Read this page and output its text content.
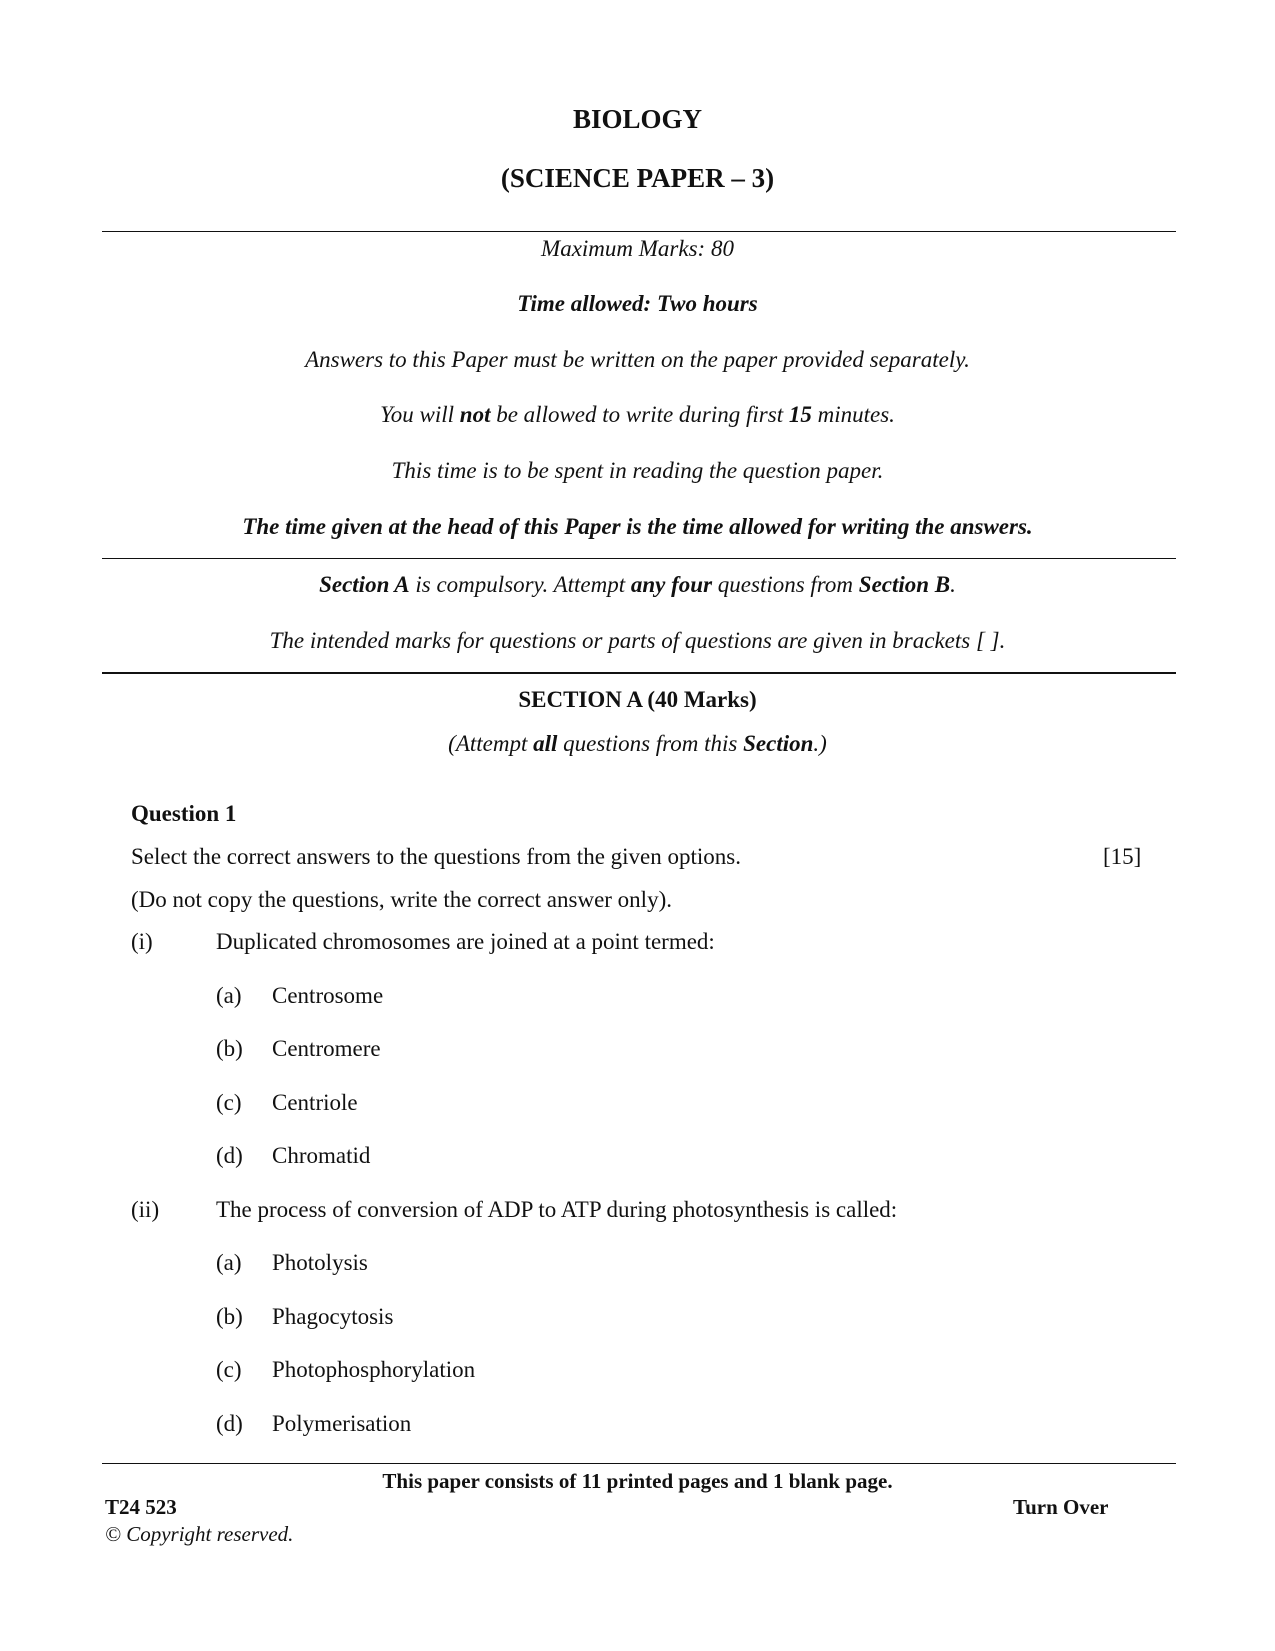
BIOLOGY
(SCIENCE PAPER – 3)
Maximum Marks: 80
Time allowed: Two hours
Answers to this Paper must be written on the paper provided separately.
You will not be allowed to write during first 15 minutes.
This time is to be spent in reading the question paper.
The time given at the head of this Paper is the time allowed for writing the answers.
Section A is compulsory. Attempt any four questions from Section B.
The intended marks for questions or parts of questions are given in brackets [ ].
SECTION A (40 Marks)
(Attempt all questions from this Section.)
Question 1
Select the correct answers to the questions from the given options.	[15]
(Do not copy the questions, write the correct answer only).
(i)	Duplicated chromosomes are joined at a point termed:
(a) Centrosome
(b) Centromere
(c) Centriole
(d) Chromatid
(ii) The process of conversion of ADP to ATP during photosynthesis is called:
(a) Photolysis
(b) Phagocytosis
(c) Photophosphorylation
(d) Polymerisation
This paper consists of 11 printed pages and 1 blank page.
T24 523	Turn Over
© Copyright reserved.
